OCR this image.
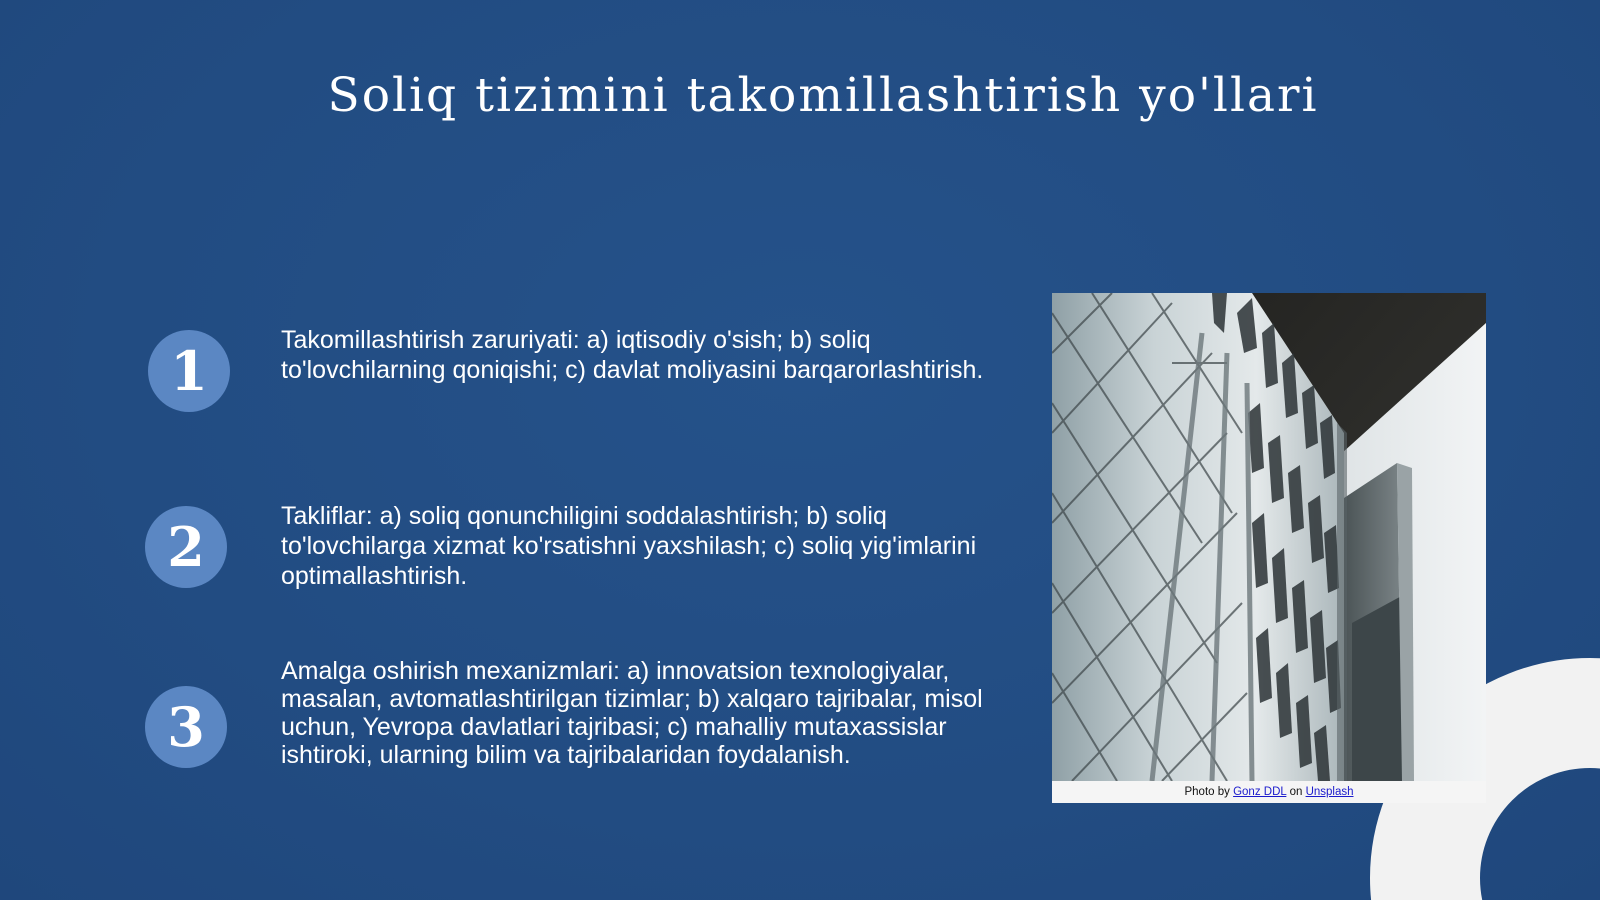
Soliq tizimini takomillashtirish yo'llari
1	Takomillashtirish zaruriyati: a) iqtisodiy o'sish; b) soliq to'lovchilarning qoniqishi; c) davlat moliyasini barqarorlashtirish.

2	Takliflar: a) soliq qonunchiligini soddalashtirish; b) soliq to'lovchilarga xizmat ko'rsatishni yaxshilash; c) soliq yig'imlarini optimallashtirish.

3

Amalga oshirish mexanizmlari: a) innovatsion texnologiyalar, masalan, avtomatlashtirilgan tizimlar; b) xalqaro tajribalar, misol uchun, Yevropa davlatlari tajribasi; c) mahalliy mutaxassislar ishtiroki, ularning bilim va tajribalaridan foydalanish.

Photo by Gonz DDL on Unsplash
